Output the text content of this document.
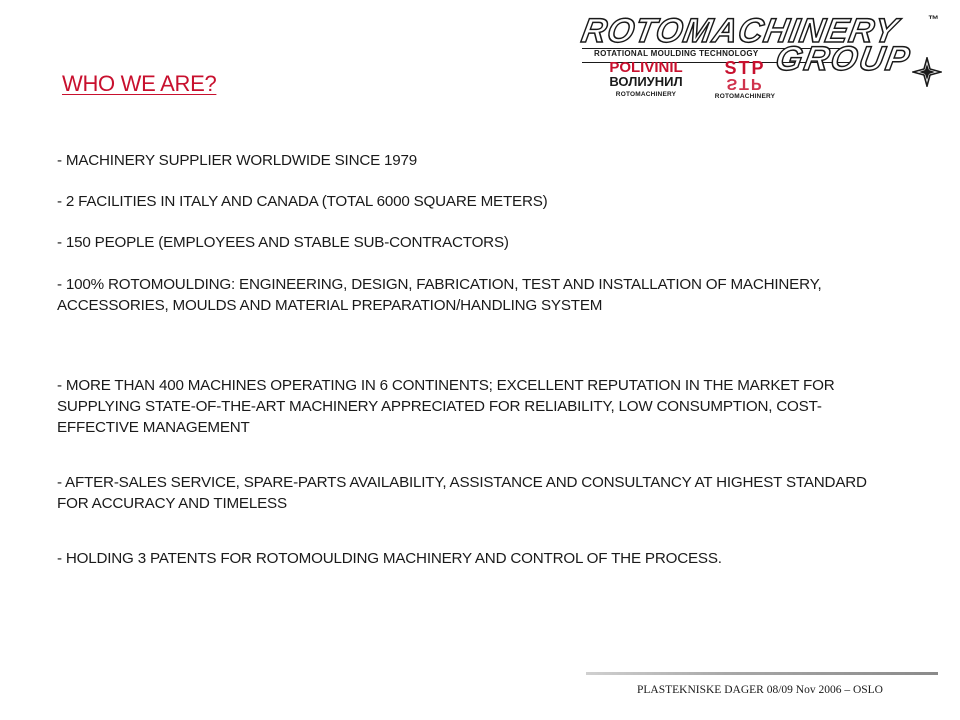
ROTOMACHINERY ™
ROTATIONAL MOULDING TECHNOLOGY GROUP
POLIVINIL
ВОЛИУНИЛ
ROTOMACHINERY
STP
STP
ROTOMACHINERY
WHO WE ARE?
- MACHINERY SUPPLIER WORLDWIDE SINCE 1979
- 2 FACILITIES IN ITALY AND CANADA (TOTAL 6000 SQUARE METERS)
- 150 PEOPLE (EMPLOYEES AND STABLE SUB-CONTRACTORS)
- 100% ROTOMOULDING: ENGINEERING, DESIGN, FABRICATION, TEST AND INSTALLATION OF MACHINERY, ACCESSORIES, MOULDS AND MATERIAL PREPARATION/HANDLING SYSTEM
- MORE THAN 400 MACHINES OPERATING IN 6 CONTINENTS; EXCELLENT REPUTATION IN THE MARKET FOR SUPPLYING STATE-OF-THE-ART MACHINERY APPRECIATED FOR RELIABILITY, LOW CONSUMPTION, COST-EFFECTIVE MANAGEMENT
- AFTER-SALES SERVICE, SPARE-PARTS AVAILABILITY, ASSISTANCE AND CONSULTANCY AT HIGHEST STANDARD FOR ACCURACY AND TIMELESS
- HOLDING 3 PATENTS FOR ROTOMOULDING MACHINERY AND CONTROL OF THE PROCESS.
PLASTEKNISKE DAGER 08/09 Nov 2006 – OSLO
